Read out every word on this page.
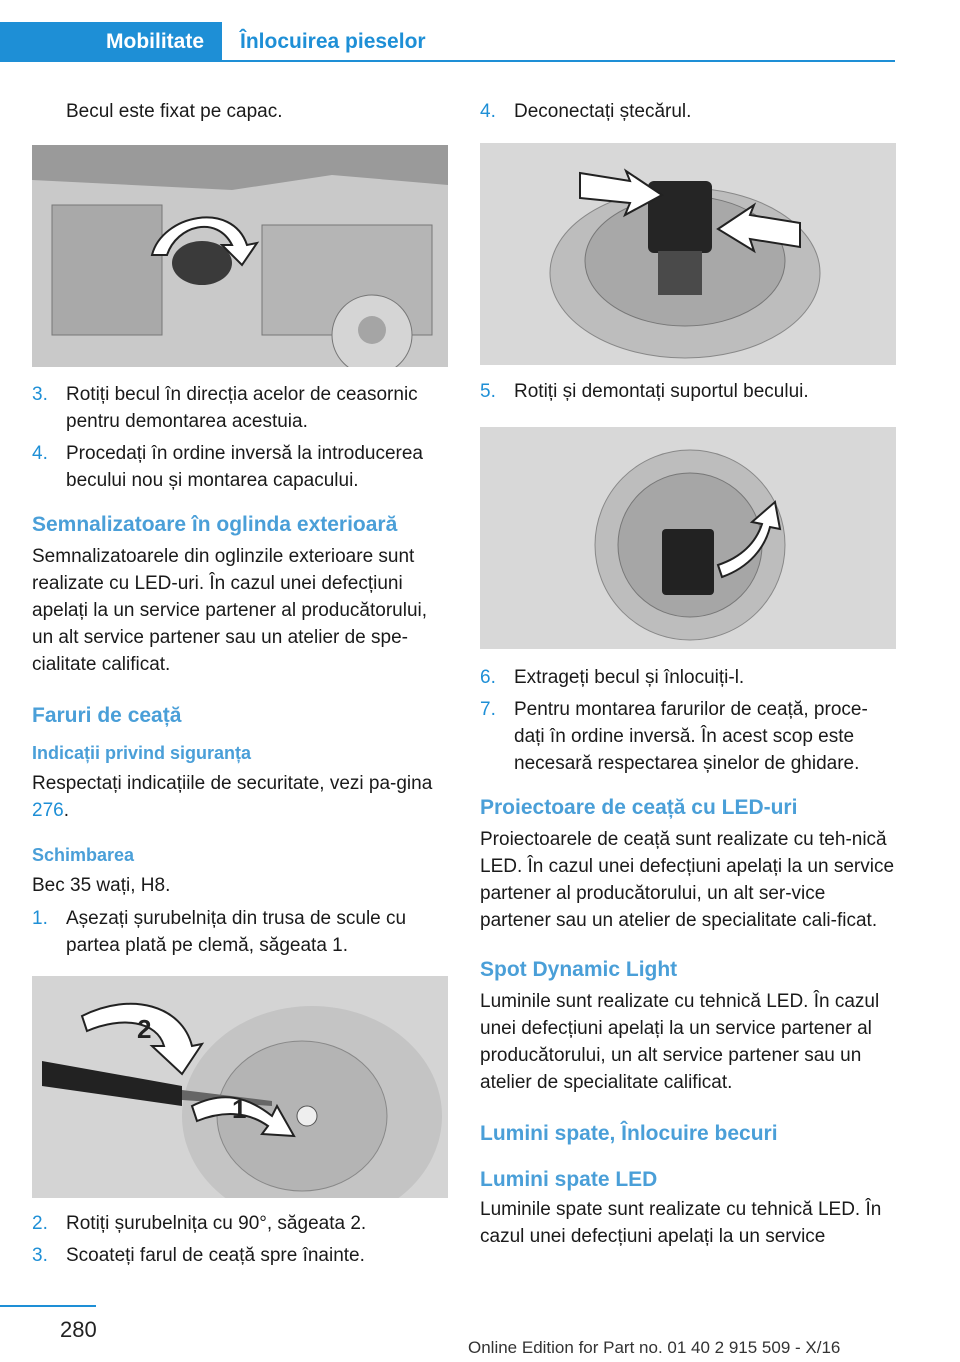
Mobilitate Înlocuirea pieselor

Becul este fixat pe capac.

3. Rotiți becul în direcția acelor de ceasornic pentru demontarea acestuia.
4. Procedați în ordine inversă la introducerea becului nou și montarea capacului.
Semnalizatoare în oglinda exterioară

Semnalizatoarele din oglinzile exterioare sunt realizate cu LED-uri. În cazul unei defecțiuni apelați la un service partener al producătorului, un alt service partener sau un atelier de spe‐cialitate calificat.

Faruri de ceață
Indicații privind siguranța

Respectați indicațiile de securitate, vezi pa‐gina 276.

Schimbarea

Bec 35 wați, H8.

1. Așezați șurubelnița din trusa de scule cu partea plată pe clemă, săgeata 1.
2
1
2. Rotiți șurubelnița cu 90°, săgeata 2.
3. Scoateți farul de ceață spre înainte.
4. Deconectați ștecărul.
5. Rotiți și demontați suportul becului.
6. Extrageți becul și înlocuiți-l.
7. Pentru montarea farurilor de ceață, proce‐dați în ordine inversă. În acest scop este necesară respectarea șinelor de ghidare.
Proiectoare de ceață cu LED-uri

Proiectoarele de ceață sunt realizate cu teh‐nică LED. În cazul unei defecțiuni apelați la un service partener al producătorului, un alt ser‐vice partener sau un atelier de specialitate cali‐ficat.

Spot Dynamic Light

Luminile sunt realizate cu tehnică LED. În cazul unei defecțiuni apelați la un service partener al producătorului, un alt service partener sau un atelier de specialitate calificat.

Lumini spate, Înlocuire becuri
Lumini spate LED

Luminile spate sunt realizate cu tehnică LED. În cazul unei defecțiuni apelați la un service

280
Online Edition for Part no. 01 40 2 915 509 - X/16
